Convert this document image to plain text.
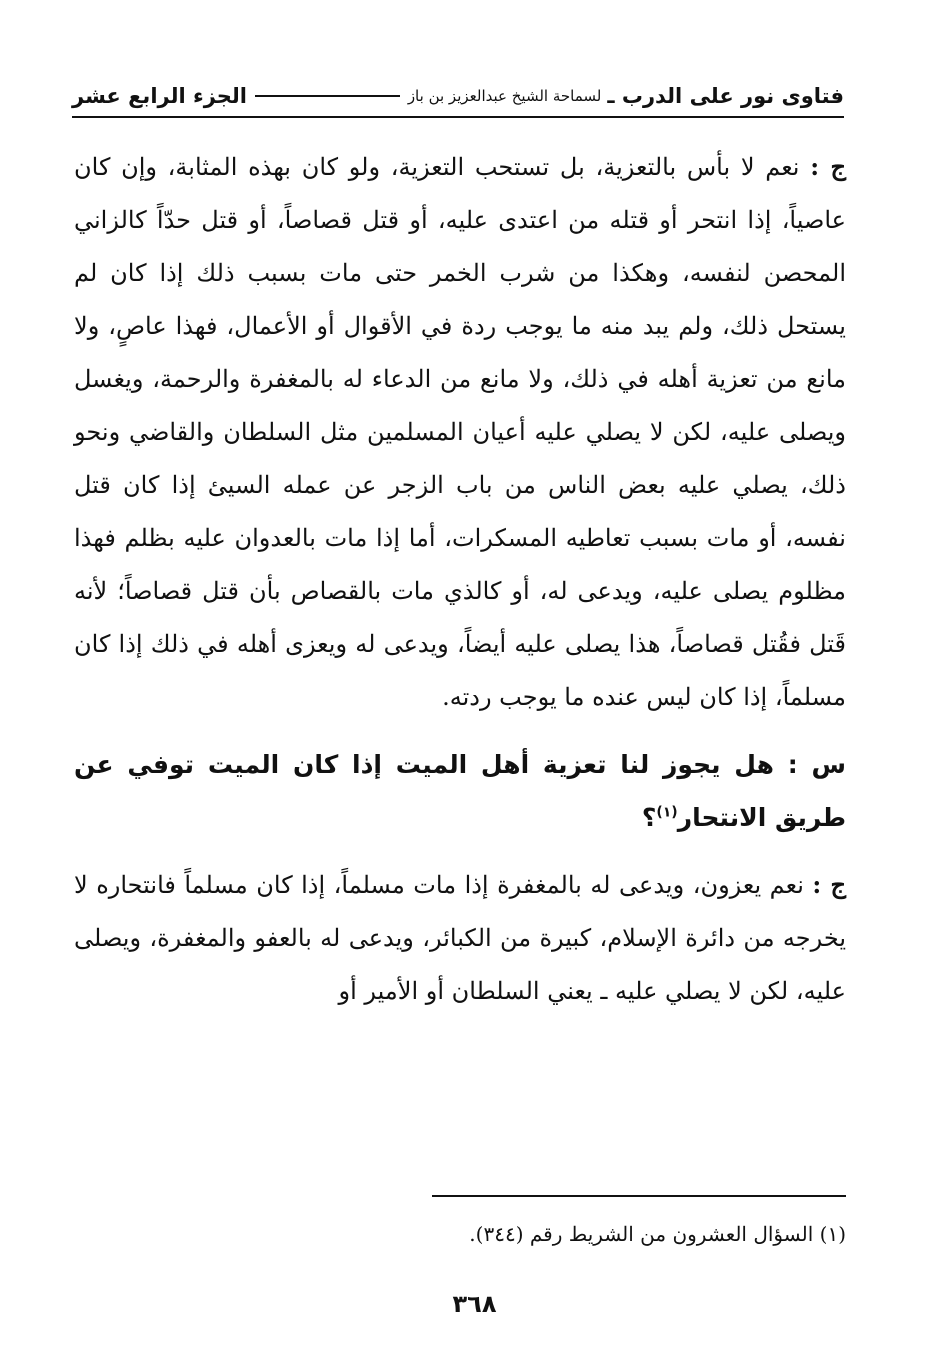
فتاوى نور على الدرب ـ
لسماحة الشيخ عبدالعزيز بن باز
الجزء الرابع عشر

ج : نعم لا بأس بالتعزية، بل تستحب التعزية، ولو كان بهذه المثابة، وإن كان عاصياً، إذا انتحر أو قتله من اعتدى عليه، أو قتل قصاصاً، أو قتل حدّاً كالزاني المحصن لنفسه، وهكذا من شرب الخمر حتى مات بسبب ذلك إذا كان لم يستحل ذلك، ولم يبد منه ما يوجب ردة في الأقوال أو الأعمال، فهذا عاصٍ، ولا مانع من تعزية أهله في ذلك، ولا مانع من الدعاء له بالمغفرة والرحمة، ويغسل ويصلى عليه، لكن لا يصلي عليه أعيان المسلمين مثل السلطان والقاضي ونحو ذلك، يصلي عليه بعض الناس من باب الزجر عن عمله السيئ إذا كان قتل نفسه، أو مات بسبب تعاطيه المسكرات، أما إذا مات بالعدوان عليه بظلم فهذا مظلوم يصلى عليه، ويدعى له، أو كالذي مات بالقصاص بأن قتل قصاصاً؛ لأنه قَتل فقُتل قصاصاً، هذا يصلى عليه أيضاً، ويدعى له ويعزى أهله في ذلك إذا كان مسلماً، إذا كان ليس عنده ما يوجب ردته.

س : هل يجوز لنا تعزية أهل الميت إذا كان الميت توفي عن طريق الانتحار$^{(١)}$؟

ج : نعم يعزون، ويدعى له بالمغفرة إذا مات مسلماً، إذا كان مسلماً فانتحاره لا يخرجه من دائرة الإسلام، كبيرة من الكبائر، ويدعى له بالعفو والمغفرة، ويصلى عليه، لكن لا يصلي عليه ـ يعني السلطان أو الأمير أو

(١) السؤال العشرون من الشريط رقم (٣٤٤).
٣٦٨
